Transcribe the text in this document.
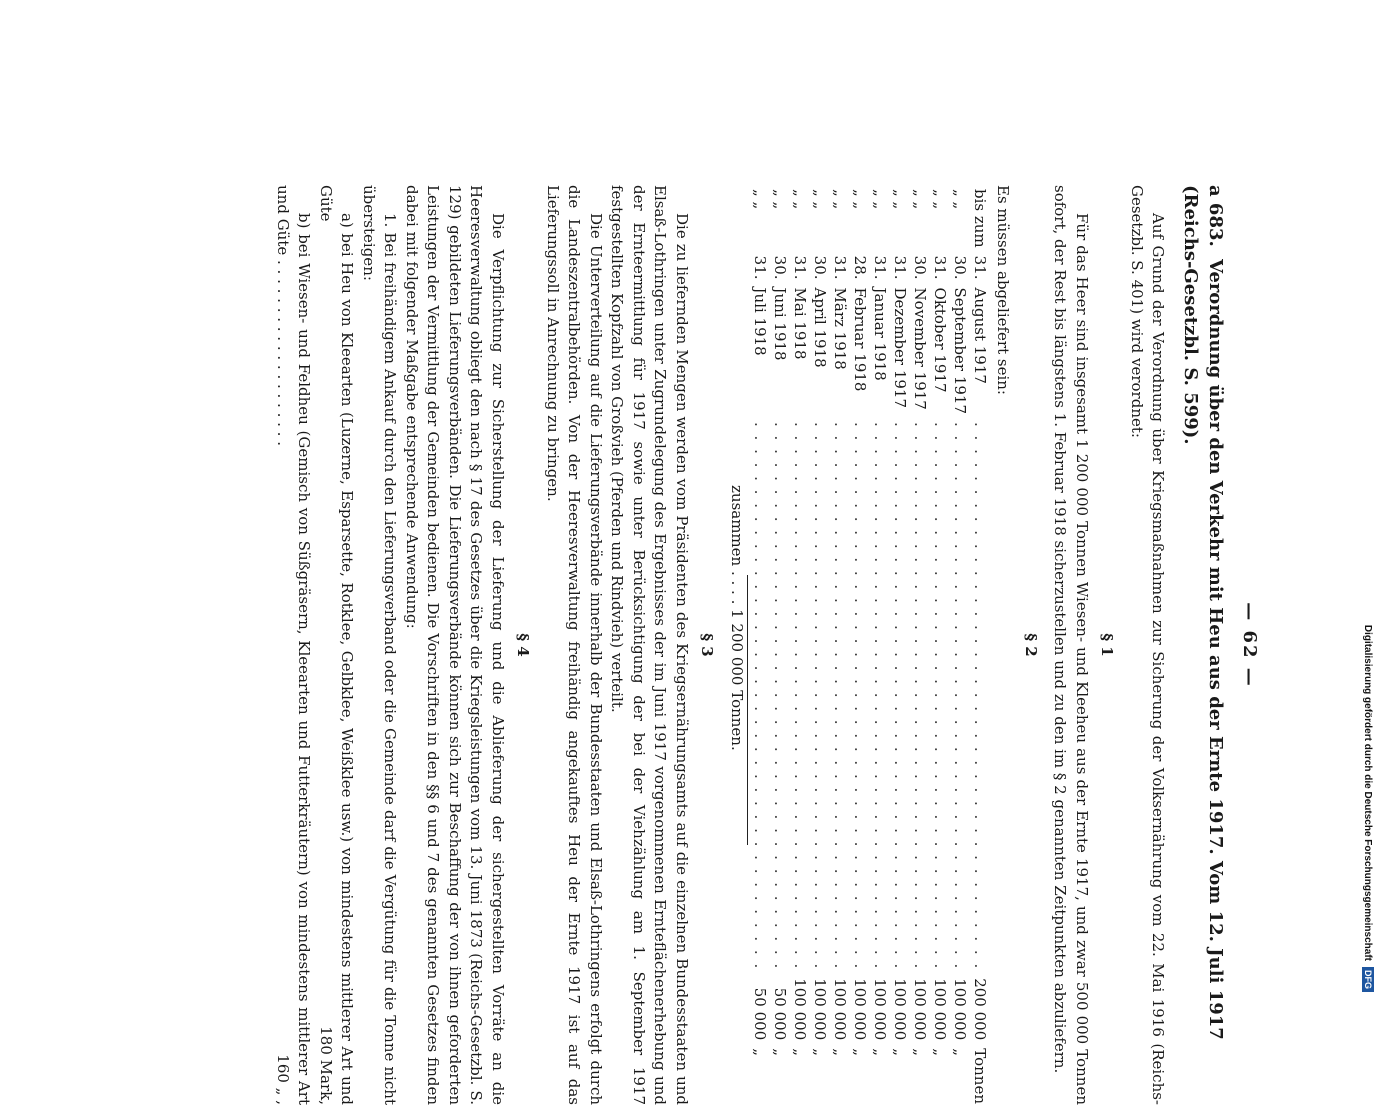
Digitalisierung gefördert durch die Deutsche Forschungsgemeinschaft
DFG
— 62 —
a 683. Verordnung über den Verkehr mit Heu aus der Ernte 1917. Vom 12. Juli 1917 (Reichs-Gesetzbl. S. 599).

Auf Grund der Verordnung über Kriegsmaßnahmen zur Sicherung der Volksernährung vom 22. Mai 1916 (Reichs-Gesetzbl. S. 401) wird verordnet:

§ 1

Für das Heer sind insgesamt 1 200 000 Tonnen Wiesen- und Kleeheu aus der Ernte 1917, und zwar 500 000 Tonnen sofort, der Rest bis längstens 1. Februar 1918 sicherzustellen und zu den im § 2 genannten Zeitpunkten abzuliefern.

§ 2

Es müssen abgeliefert sein:

bis zum	31.	August 1917	. . . . . . . . . . . . . . . . . . . . . . . . . . . . . . . . . . . . . . . . .	200 000	Tonnen
„ „	30.	September 1917	. . . . . . . . . . . . . . . . . . . . . . . . . . . . . . . . . . . . . . . . .	100 000	„
„ „	31.	Oktober 1917	. . . . . . . . . . . . . . . . . . . . . . . . . . . . . . . . . . . . . . . . .	100 000	„
„ „	30.	November 1917	. . . . . . . . . . . . . . . . . . . . . . . . . . . . . . . . . . . . . . . . .	100 000	„
„ „	31.	Dezember 1917	. . . . . . . . . . . . . . . . . . . . . . . . . . . . . . . . . . . . . . . . .	100 000	„
„ „	31.	Januar 1918	. . . . . . . . . . . . . . . . . . . . . . . . . . . . . . . . . . . . . . . . .	100 000	„
„ „	28.	Februar 1918	. . . . . . . . . . . . . . . . . . . . . . . . . . . . . . . . . . . . . . . . .	100 000	„
„ „	31.	März 1918	. . . . . . . . . . . . . . . . . . . . . . . . . . . . . . . . . . . . . . . . .	100 000	„
„ „	30.	April 1918	. . . . . . . . . . . . . . . . . . . . . . . . . . . . . . . . . . . . . . . . .	100 000	„
„ „	31.	Mai 1918	. . . . . . . . . . . . . . . . . . . . . . . . . . . . . . . . . . . . . . . . .	100 000	„
„ „	30.	Juni 1918	. . . . . . . . . . . . . . . . . . . . . . . . . . . . . . . . . . . . . . . . .	50 000	„
„ „	31.	Juli 1918	. . . . . . . . . . . . . . . . . . . . . . . . . . . . . . . . . . . . . . . . .	50 000	„
zusammen . . . . 1 200 000 Tonnen.
§ 3

Die zu liefernden Mengen werden vom Präsidenten des Kriegsernährungsamts auf die einzelnen Bundesstaaten und Elsaß-Lothringen unter Zugrundelegung des Ergebnisses der im Juni 1917 vorgenommenen Ernteflächenerhebung und der Ernteermittlung für 1917 sowie unter Berücksichtigung der bei der Viehzählung am 1. September 1917 festgestellten Kopfzahl von Großvieh (Pferden und Rindvieh) verteilt.

Die Unterverteilung auf die Lieferungsverbände innerhalb der Bundesstaaten und Elsaß-Lothringens erfolgt durch die Landeszentralbehörden. Von der Heeresverwaltung freihändig angekauftes Heu der Ernte 1917 ist auf das Lieferungssoll in Anrechnung zu bringen.

§ 4

Die Verpflichtung zur Sicherstellung der Lieferung und die Ablieferung der sichergestellten Vorräte an die Heeresverwaltung obliegt den nach § 17 des Gesetzes über die Kriegsleistungen vom 13. Juni 1873 (Reichs-Gesetzbl. S. 129) gebildeten Lieferungsverbänden. Die Lieferungsverbände können sich zur Beschaffung der von ihnen geforderten Leistungen der Vermittlung der Gemeinden bedienen. Die Vorschriften in den §§ 6 und 7 des genannten Gesetzes finden dabei mit folgender Maßgabe entsprechende Anwendung:

1. Bei freihändigem Ankauf durch den Lieferungsverband oder die Gemeinde darf die Vergütung für die Tonne nicht übersteigen:

a) bei Heu von Kleearten (Luzerne, Esparsette, Rotklee, Gelbklee, Weißklee usw.) von mindestens mittlerer Art und Güte
180 Mark,

b) bei Wiesen- und Feldheu (Gemisch von Süßgräsern, Kleearten und Futterkräutern) von mindestens mittlerer Art und Güte . . . . . . . . . . . . . . . . . . . .
160 „ ,
